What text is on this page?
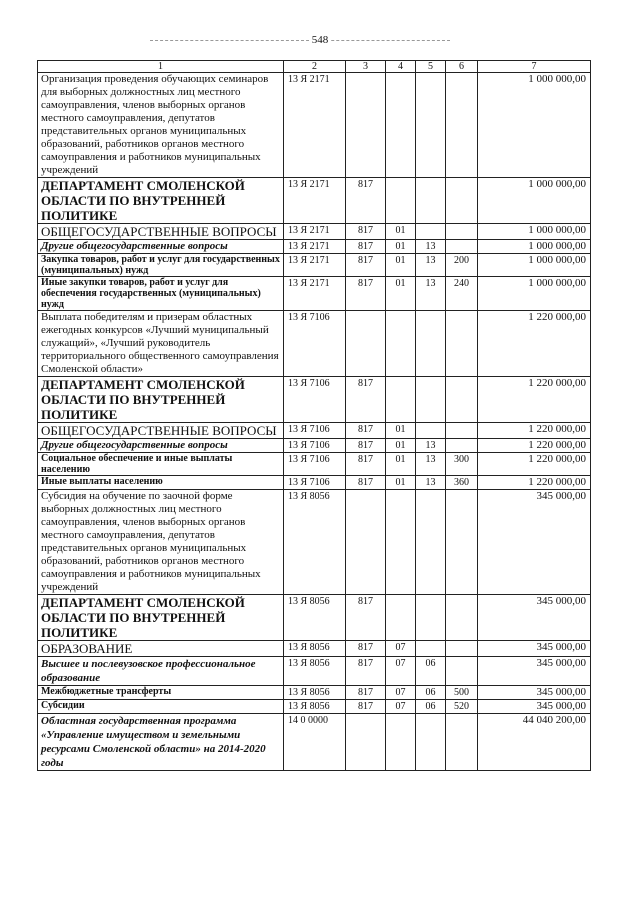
548
1	2	3	4	5	6	7
Организация проведения обучающих семинаров для выборных должностных лиц местного самоуправления, членов выборных органов местного самоуправления, депутатов представительных органов муниципальных образований, работников органов местного самоуправления и работников муниципальных учреждений	13 Я 2171					1 000 000,00
ДЕПАРТАМЕНТ СМОЛЕНСКОЙ ОБЛАСТИ ПО ВНУТРЕННЕЙ ПОЛИТИКЕ	13 Я 2171	817				1 000 000,00
ОБЩЕГОСУДАРСТВЕННЫЕ ВОПРОСЫ	13 Я 2171	817	01			1 000 000,00
Другие общегосударственные вопросы	13 Я 2171	817	01	13		1 000 000,00
Закупка товаров, работ и услуг для государственных (муниципальных) нужд	13 Я 2171	817	01	13	200	1 000 000,00
Иные закупки товаров, работ и услуг для обеспечения государственных (муниципальных) нужд	13 Я 2171	817	01	13	240	1 000 000,00
Выплата победителям и призерам областных ежегодных конкурсов «Лучший муниципальный служащий», «Лучший руководитель территориального общественного самоуправления Смоленской области»	13 Я 7106					1 220 000,00
ДЕПАРТАМЕНТ СМОЛЕНСКОЙ ОБЛАСТИ ПО ВНУТРЕННЕЙ ПОЛИТИКЕ	13 Я 7106	817				1 220 000,00
ОБЩЕГОСУДАРСТВЕННЫЕ ВОПРОСЫ	13 Я 7106	817	01			1 220 000,00
Другие общегосударственные вопросы	13 Я 7106	817	01	13		1 220 000,00
Социальное обеспечение и иные выплаты населению	13 Я 7106	817	01	13	300	1 220 000,00
Иные выплаты населению	13 Я 7106	817	01	13	360	1 220 000,00
Субсидия на обучение по заочной форме выборных должностных лиц местного самоуправления, членов выборных органов местного самоуправления, депутатов представительных органов муниципальных образований, работников органов местного самоуправления и работников муниципальных учреждений	13 Я 8056					345 000,00
ДЕПАРТАМЕНТ СМОЛЕНСКОЙ ОБЛАСТИ ПО ВНУТРЕННЕЙ ПОЛИТИКЕ	13 Я 8056	817				345 000,00
ОБРАЗОВАНИЕ	13 Я 8056	817	07			345 000,00
Высшее и послевузовское профессиональное образование	13 Я 8056	817	07	06		345 000,00
Межбюджетные трансферты	13 Я 8056	817	07	06	500	345 000,00
Субсидии	13 Я 8056	817	07	06	520	345 000,00
Областная государственная программа «Управление имуществом и земельными ресурсами Смоленской области» на 2014-2020 годы	14 0 0000					44 040 200,00
